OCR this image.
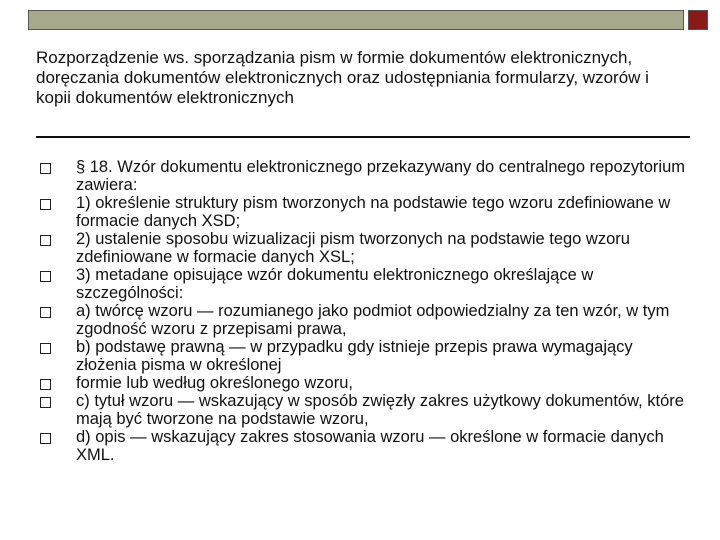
Rozporządzenie ws. sporządzania pism w formie dokumentów elektronicznych, doręczania dokumentów elektronicznych oraz udostępniania formularzy, wzorów i kopii dokumentów elektronicznych
§ 18. Wzór dokumentu elektronicznego przekazywany do centralnego repozytorium zawiera:
1) określenie struktury pism tworzonych na podstawie tego wzoru zdefiniowane w formacie danych XSD;
2) ustalenie sposobu wizualizacji pism tworzonych na podstawie tego wzoru zdefiniowane w formacie danych XSL;
3) metadane opisujące wzór dokumentu elektronicznego określające w szczególności:
a) twórcę wzoru — rozumianego jako podmiot odpowiedzialny za ten wzór, w tym zgodność wzoru z przepisami prawa,
b) podstawę prawną — w przypadku gdy istnieje przepis prawa wymagający złożenia pisma w określonej
formie lub według określonego wzoru,
c) tytuł wzoru — wskazujący w sposób zwięzły zakres użytkowy dokumentów, które mają być tworzone na podstawie wzoru,
d) opis — wskazujący zakres stosowania wzoru — określone w formacie danych XML.
